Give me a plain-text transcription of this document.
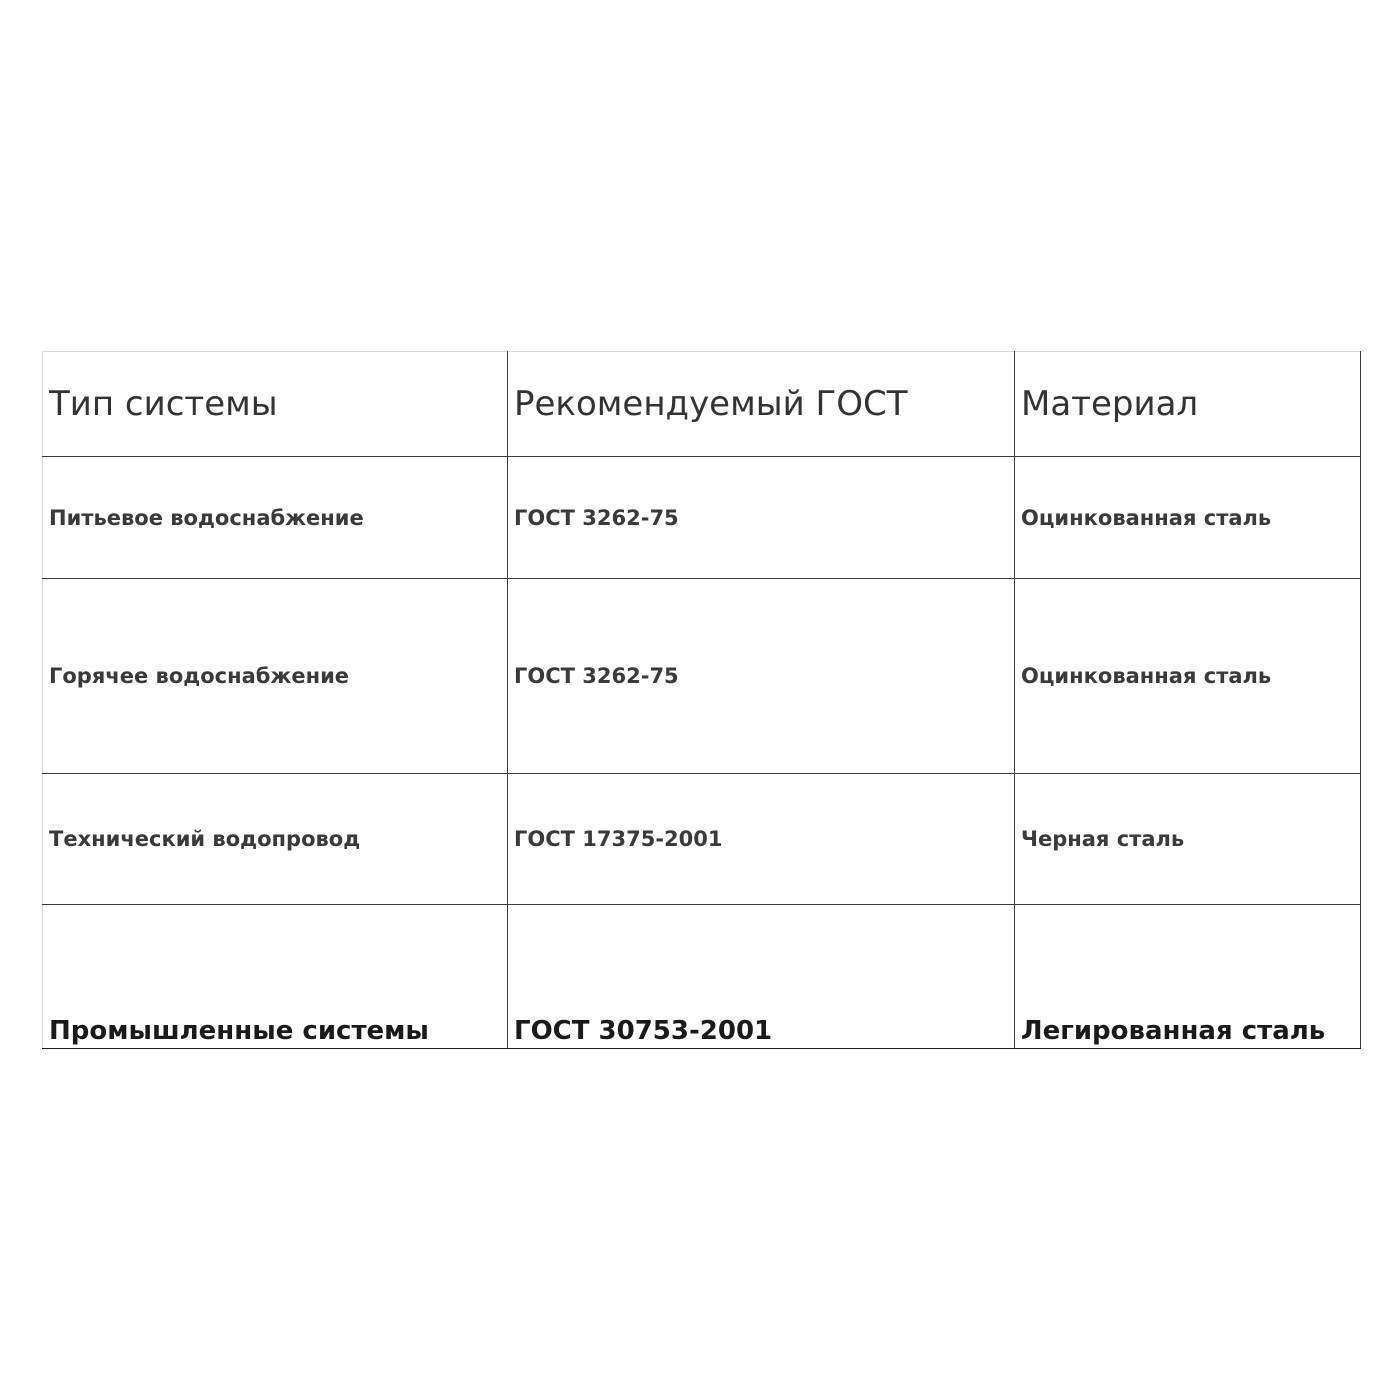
Тип системы	Рекомендуемый ГОСТ	Материал
Питьевое водоснабжение	ГОСТ 3262-75	Оцинкованная сталь
Горячее водоснабжение	ГОСТ 3262-75	Оцинкованная сталь
Технический водопровод	ГОСТ 17375-2001	Черная сталь
Промышленные системы	ГОСТ 30753-2001	Легированная сталь
